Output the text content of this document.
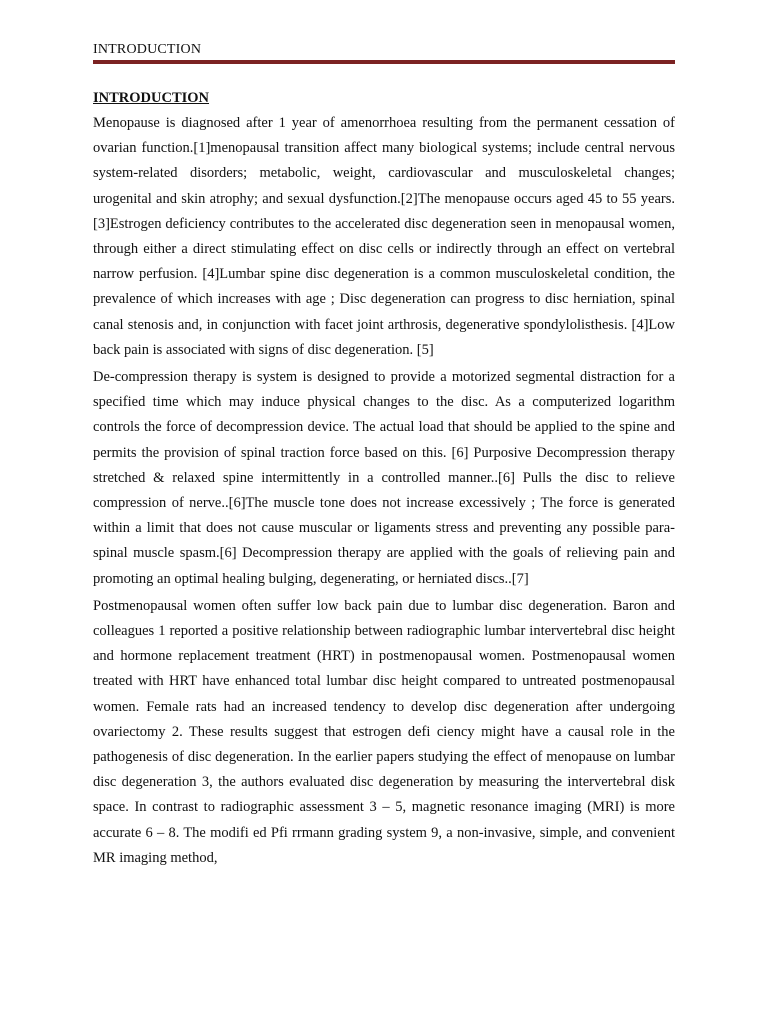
INTRODUCTION
INTRODUCTION

Menopause is diagnosed after 1 year of amenorrhoea resulting from the permanent cessation of ovarian function.[1]menopausal transition affect many biological systems; include central nervous system-related disorders; metabolic, weight, cardiovascular and musculoskeletal changes; urogenital and skin atrophy; and sexual dysfunction.[2]The menopause occurs aged 45 to 55 years.[3]Estrogen deficiency contributes to the accelerated disc degeneration seen in menopausal women, through either a direct stimulating effect on disc cells or indirectly through an effect on vertebral narrow perfusion. [4]Lumbar spine disc degeneration is a common musculoskeletal condition, the prevalence of which increases with age ; Disc degeneration can progress to disc herniation, spinal canal stenosis and, in conjunction with facet joint arthrosis, degenerative spondylolisthesis. [4]Low back pain is associated with signs of disc degeneration. [5]

De-compression therapy is system is designed to provide a motorized segmental distraction for a specified time which may induce physical changes to the disc. As a computerized logarithm controls the force of decompression device. The actual load that should be applied to the spine and permits the provision of spinal traction force based on this. [6] Purposive Decompression therapy stretched & relaxed spine intermittently in a controlled manner..[6] Pulls the disc to relieve compression of nerve..[6]The muscle tone does not increase excessively ; The force is generated within a limit that does not cause muscular or ligaments stress and preventing any possible para-spinal muscle spasm.[6] Decompression therapy are applied with the goals of relieving pain and promoting an optimal healing bulging, degenerating, or herniated discs..[7]

Postmenopausal women often suffer low back pain due to lumbar disc degeneration. Baron and colleagues 1 reported a positive relationship between radiographic lumbar intervertebral disc height and hormone replacement treatment (HRT) in postmenopausal women. Postmenopausal women treated with HRT have enhanced total lumbar disc height compared to untreated postmenopausal women. Female rats had an increased tendency to develop disc degeneration after undergoing ovariectomy 2. These results suggest that estrogen defi ciency might have a causal role in the pathogenesis of disc degeneration. In the earlier papers studying the effect of menopause on lumbar disc degeneration 3, the authors evaluated disc degeneration by measuring the intervertebral disk space. In contrast to radiographic assessment 3 – 5, magnetic resonance imaging (MRI) is more accurate 6 – 8. The modifi ed Pfi rrmann grading system 9, a non-invasive, simple, and convenient MR imaging method,
